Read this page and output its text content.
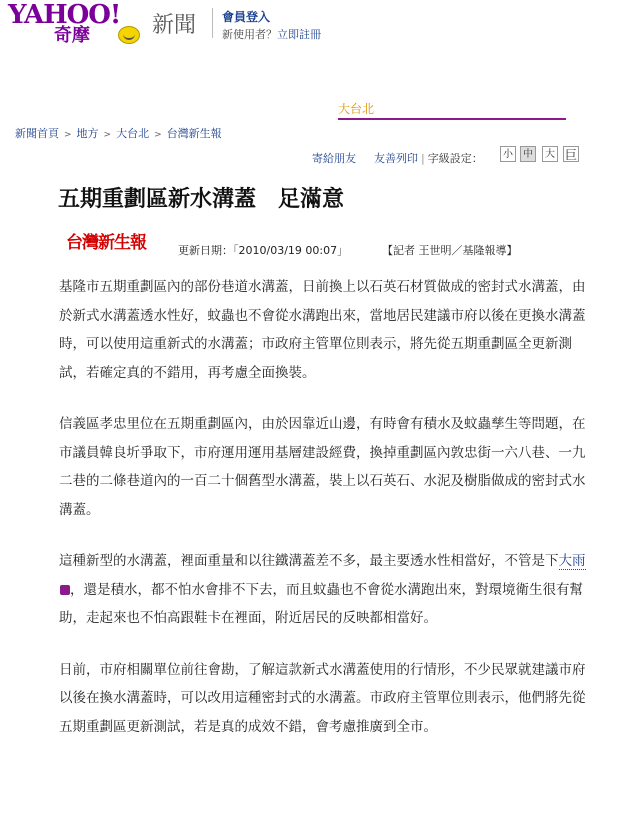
YAHOO!
奇摩	新聞 會員登入
新使用者？立即註冊
大台北
新聞首頁 > 地方 > 大台北 > 台灣新生報
寄給朋友 友善列印 | 字級設定：	小	中	大 巨
五期重劃區新水溝蓋　足滿意
台灣新生報	更新日期：「2010/03/19 00:07」	【記者 王世明／基隆報導】

基隆市五期重劃區內的部份巷道水溝蓋，日前換上以石英石材質做成的密封式水溝蓋，由於新式水溝蓋透水性好，蚊蟲也不會從水溝跑出來，當地居民建議市府以後在更換水溝蓋時，可以使用這重新式的水溝蓋；市政府主管單位則表示，將先從五期重劃區全更新測試，若確定真的不錯用，再考慮全面換裝。

信義區孝忠里位在五期重劃區內，由於因靠近山邊，有時會有積水及蚊蟲孳生等問題，在市議員韓良圻爭取下，市府運用運用基層建設經費，換掉重劃區內敦忠街一六八巷、一九二巷的二條巷道內的一百二十個舊型水溝蓋，裝上以石英石、水泥及樹脂做成的密封式水溝蓋。

這種新型的水溝蓋，裡面重量和以往鐵溝蓋差不多，最主要透水性相當好，不管是下大雨，還是積水，都不怕水會排不下去，而且蚊蟲也不會從水溝跑出來，對環境衛生很有幫助，走起來也不怕高跟鞋卡在裡面，附近居民的反映都相當好。

日前，市府相關單位前往會勘，了解這款新式水溝蓋使用的行情形，不少民眾就建議市府以後在換水溝蓋時，可以改用這種密封式的水溝蓋。市政府主管單位則表示，他們將先從五期重劃區更新測試，若是真的成效不錯，會考慮推廣到全市。
